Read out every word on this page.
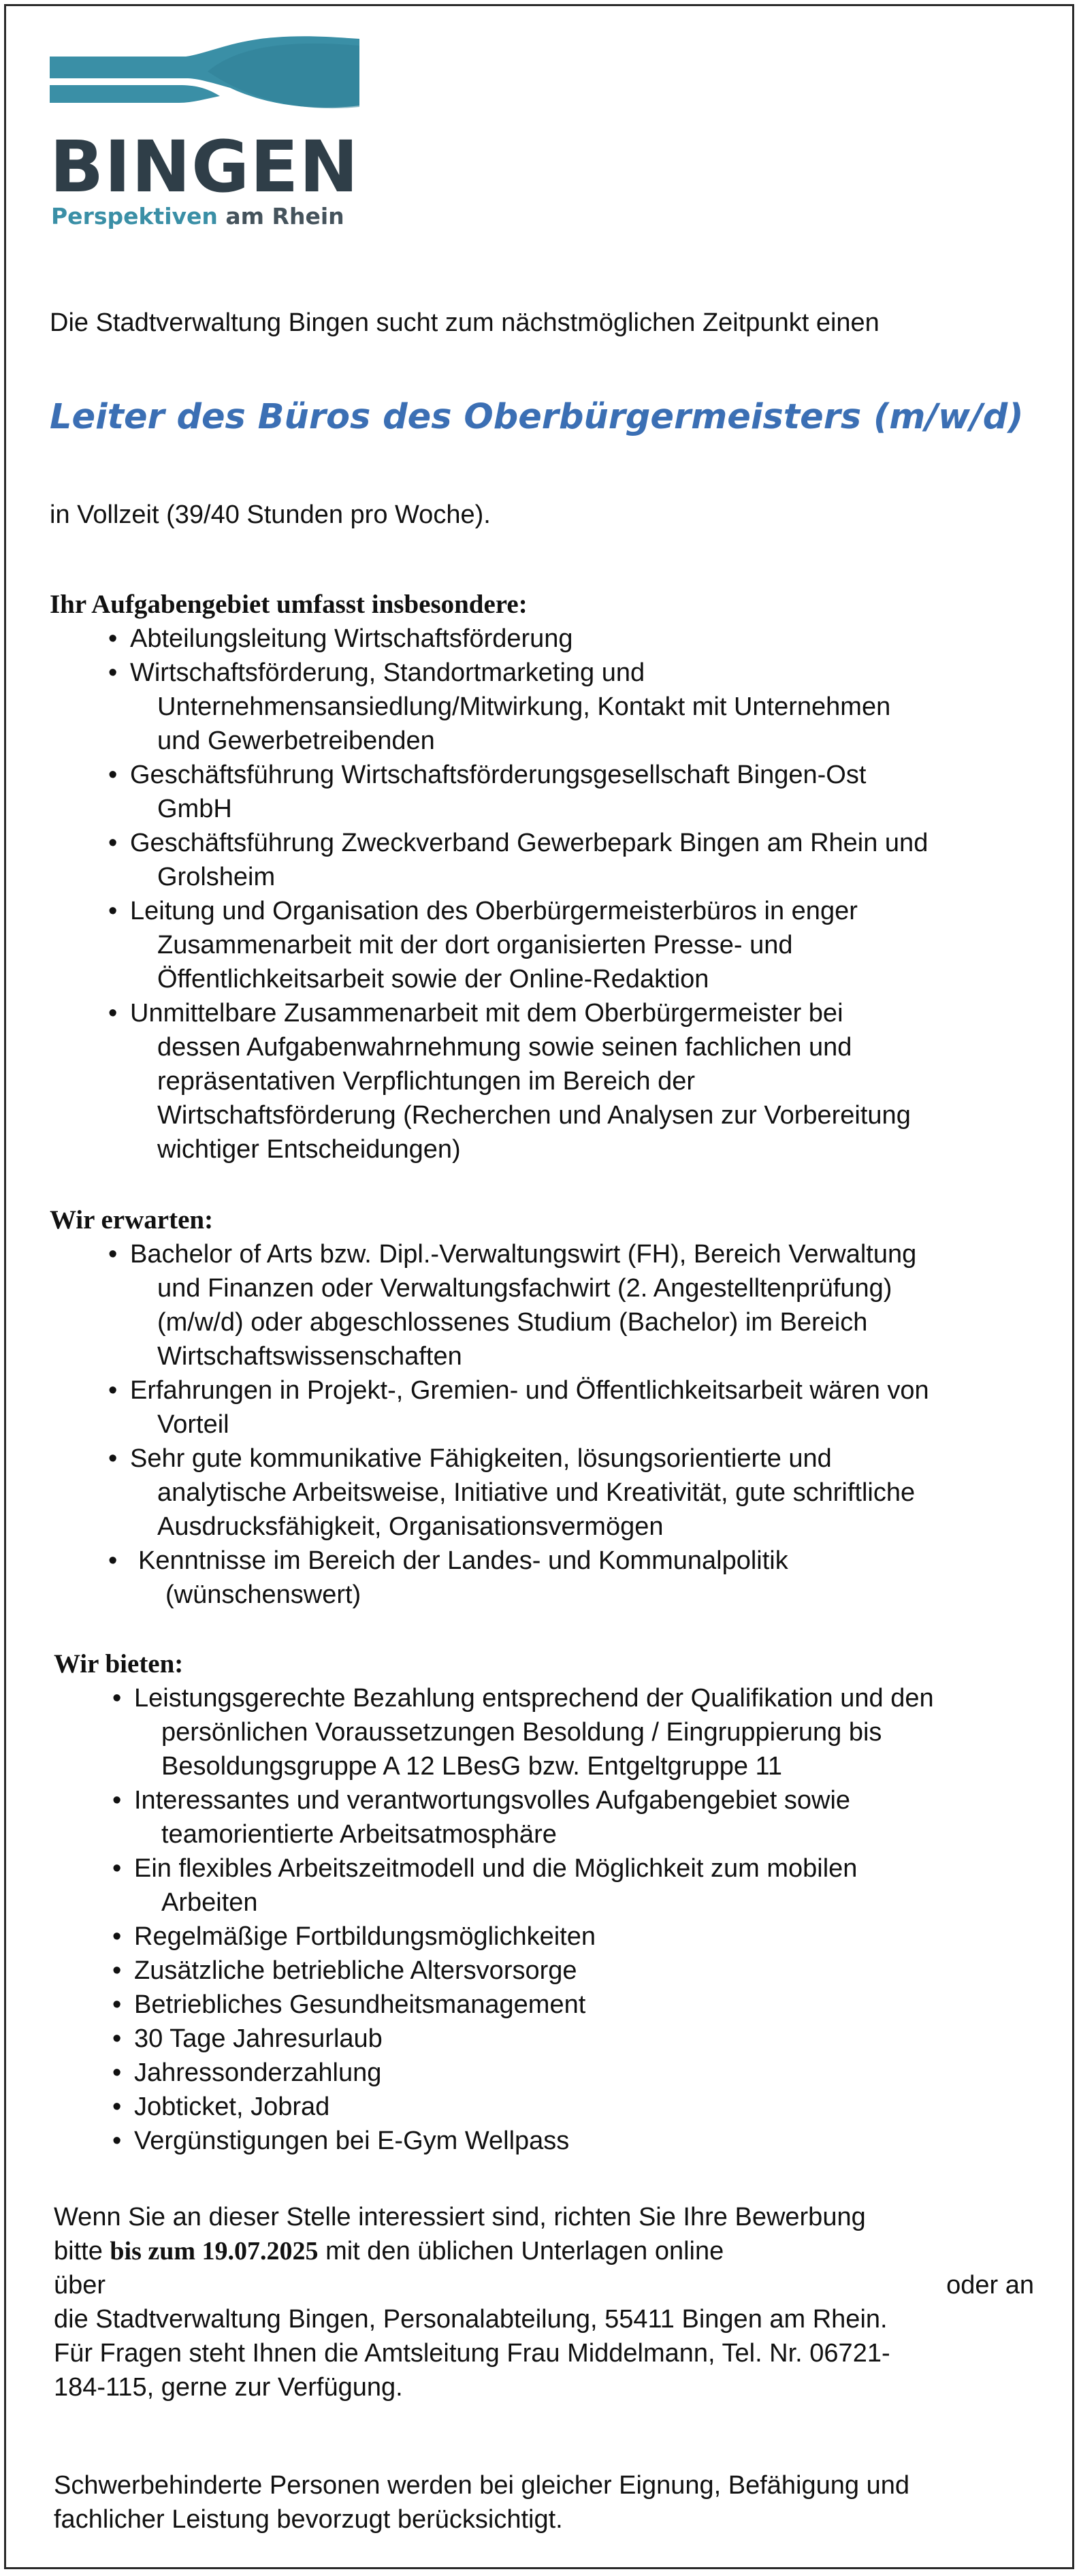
BINGEN
Perspektiven am Rhein
Die Stadtverwaltung Bingen sucht zum nächstmöglichen Zeitpunkt einen
Leiter des Büros des Oberbürgermeisters (m/w/d)
in Vollzeit (39/40 Stunden pro Woche).
Ihr Aufgabengebiet umfasst insbesondere:
• Abteilungsleitung Wirtschaftsförderung
• Wirtschaftsförderung, Standortmarketing und
Unternehmensansiedlung/Mitwirkung, Kontakt mit Unternehmen
und Gewerbetreibenden
• Geschäftsführung Wirtschaftsförderungsgesellschaft Bingen-Ost
GmbH
• Geschäftsführung Zweckverband Gewerbepark Bingen am Rhein und
Grolsheim
• Leitung und Organisation des Oberbürgermeisterbüros in enger
Zusammenarbeit mit der dort organisierten Presse- und
Öffentlichkeitsarbeit sowie der Online-Redaktion
• Unmittelbare Zusammenarbeit mit dem Oberbürgermeister bei
dessen Aufgabenwahrnehmung sowie seinen fachlichen und
repräsentativen Verpflichtungen im Bereich der
Wirtschaftsförderung (Recherchen und Analysen zur Vorbereitung
wichtiger Entscheidungen)
Wir erwarten:
• Bachelor of Arts bzw. Dipl.-Verwaltungswirt (FH), Bereich Verwaltung
und Finanzen oder Verwaltungsfachwirt (2. Angestelltenprüfung)
(m/w/d) oder abgeschlossenes Studium (Bachelor) im Bereich
Wirtschaftswissenschaften
• Erfahrungen in Projekt-, Gremien- und Öffentlichkeitsarbeit wären von
Vorteil
• Sehr gute kommunikative Fähigkeiten, lösungsorientierte und
analytische Arbeitsweise, Initiative und Kreativität, gute schriftliche
Ausdrucksfähigkeit, Organisationsvermögen
• Kenntnisse im Bereich der Landes- und Kommunalpolitik
(wünschenswert)
Wir bieten:
• Leistungsgerechte Bezahlung entsprechend der Qualifikation und den
persönlichen Voraussetzungen Besoldung / Eingruppierung bis
Besoldungsgruppe A 12 LBesG bzw. Entgeltgruppe 11
• Interessantes und verantwortungsvolles Aufgabengebiet sowie
teamorientierte Arbeitsatmosphäre
• Ein flexibles Arbeitszeitmodell und die Möglichkeit zum mobilen
Arbeiten
• Regelmäßige Fortbildungsmöglichkeiten
• Zusätzliche betriebliche Altersvorsorge
• Betriebliches Gesundheitsmanagement
• 30 Tage Jahresurlaub
• Jahressonderzahlung
• Jobticket, Jobrad
• Vergünstigungen bei E-Gym Wellpass
Wenn Sie an dieser Stelle interessiert sind, richten Sie Ihre Bewerbung
bitte bis zum 19.07.2025 mit den üblichen Unterlagen online
über	oder an
die Stadtverwaltung Bingen, Personalabteilung, 55411 Bingen am Rhein.
Für Fragen steht Ihnen die Amtsleitung Frau Middelmann, Tel. Nr. 06721-
184-115, gerne zur Verfügung.
Schwerbehinderte Personen werden bei gleicher Eignung, Befähigung und
fachlicher Leistung bevorzugt berücksichtigt.
